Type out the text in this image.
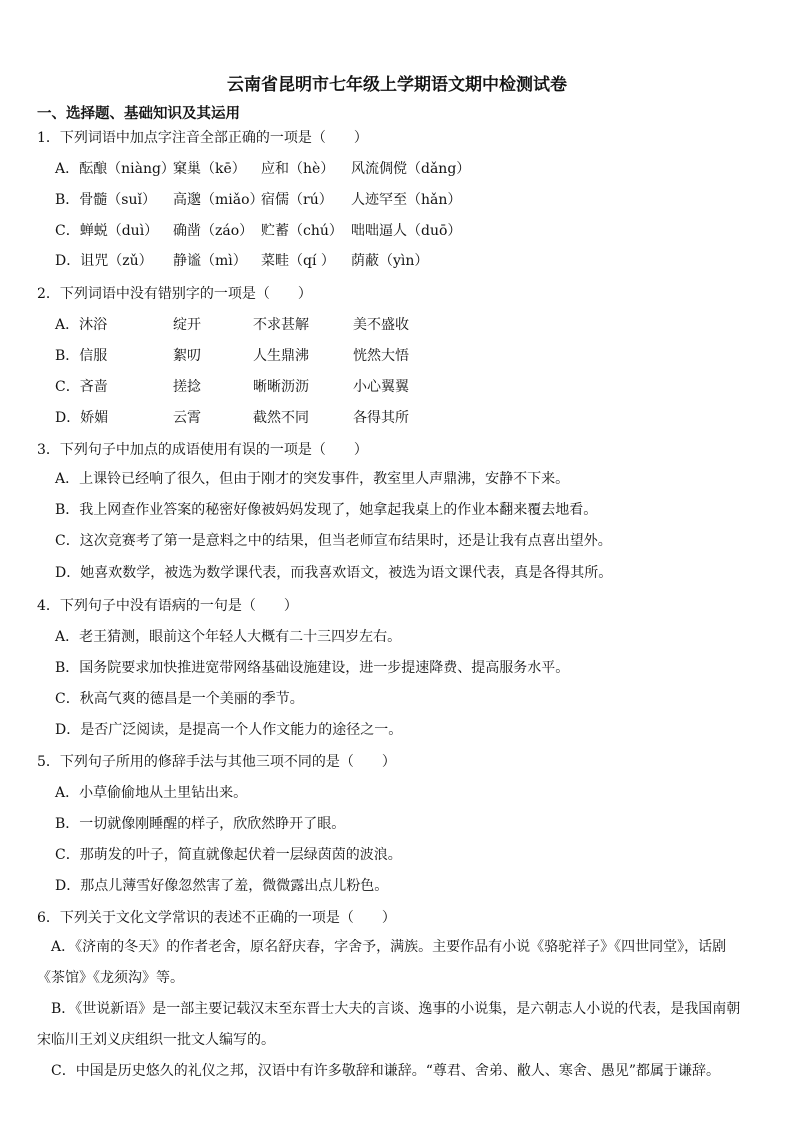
云南省昆明市七年级上学期语文期中检测试卷
一、选择题、基础知识及其运用
1．下列词语中加点字注音全部正确的一项是（　　）
A．酝酿（niàng）窠巢（kē） 应和（hè） 风流倜傥（dǎng）
B．骨髓（suǐ） 高邈（miǎo）宿儒（rú） 人迹罕至（hǎn）
C．蝉蜕（duì） 确凿（záo） 贮蓄（chú） 咄咄逼人（duō）
D．诅咒（zǔ） 静谧（mì） 菜畦（qí ） 荫蔽（yìn）
2．下列词语中没有错别字的一项是（　　）
A．沐浴	绽开	不求甚解	美不盛收
B．信服	絮叨	人生鼎沸	恍然大悟
C．吝啬	搓捻	晰晰沥沥	小心翼翼
D．娇媚	云霄	截然不同	各得其所
3．下列句子中加点的成语使用有误的一项是（　　）
A．上课铃已经响了很久，但由于刚才的突发事件，教室里人声鼎沸，安静不下来。
B．我上网查作业答案的秘密好像被妈妈发现了，她拿起我桌上的作业本翻来覆去地看。
C．这次竞赛考了第一是意料之中的结果，但当老师宣布结果时，还是让我有点喜出望外。
D．她喜欢数学，被选为数学课代表，而我喜欢语文，被选为语文课代表，真是各得其所。
4．下列句子中没有语病的一句是（　　）
A．老王猜测，眼前这个年轻人大概有二十三四岁左右。
B．国务院要求加快推进宽带网络基础设施建设，进一步提速降费、提高服务水平。
C．秋高气爽的德昌是一个美丽的季节。
D．是否广泛阅读，是提高一个人作文能力的途径之一。
5．下列句子所用的修辞手法与其他三项不同的是（　　）
A．小草偷偷地从土里钻出来。
B．一切就像刚睡醒的样子，欣欣然睁开了眼。
C．那萌发的叶子，简直就像起伏着一层绿茵茵的波浪。
D．那点儿薄雪好像忽然害了羞，微微露出点儿粉色。
6．下列关于文化文学常识的表述不正确的一项是（　　）
　A．《济南的冬天》的作者老舍，原名舒庆春，字舍予，满族。主要作品有小说《骆驼祥子》《四世同堂》，话剧《茶馆》《龙须沟》等。
　B．《世说新语》是一部主要记载汉末至东晋士大夫的言谈、逸事的小说集，是六朝志人小说的代表，是我国南朝宋临川王刘义庆组织一批文人编写的。
　C．中国是历史悠久的礼仪之邦，汉语中有许多敬辞和谦辞。“尊君、舍弟、敝人、寒舍、愚见”都属于谦辞。
